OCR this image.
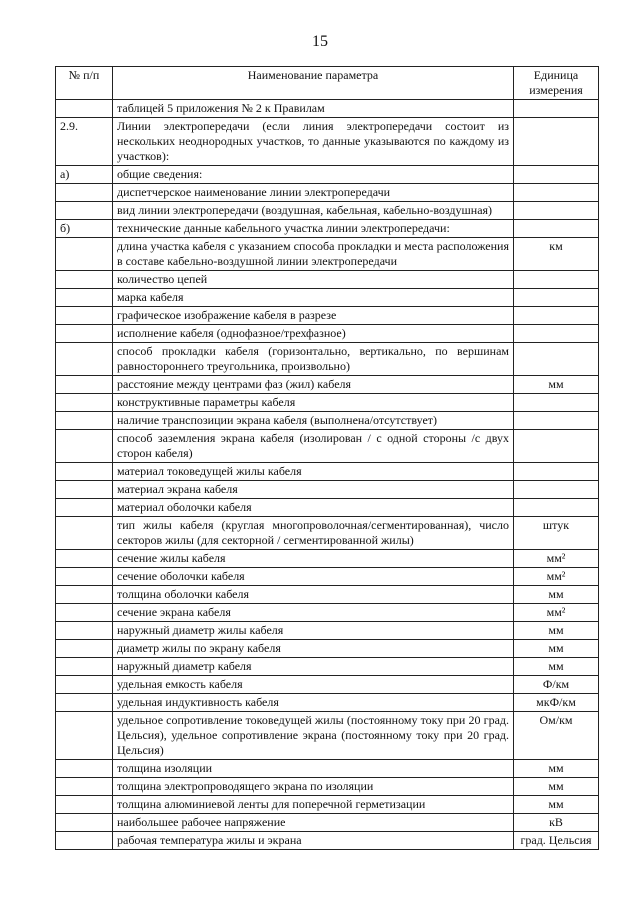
15
№ п/п	Наименование параметра	Единица измерения
	таблицей 5 приложения № 2 к Правилам	
2.9.	Линии электропередачи (если линия электропередачи состоит из нескольких неоднородных участков, то данные указываются по каждому из участков):	
а)	общие сведения:	
	диспетчерское наименование линии электропередачи	
	вид линии электропередачи (воздушная, кабельная, кабельно-воздушная)	
б)	технические данные кабельного участка линии электропередачи:	
	длина участка кабеля с указанием способа прокладки и места расположения в составе кабельно-воздушной линии электропередачи	км
	количество цепей	
	марка кабеля	
	графическое изображение кабеля в разрезе	
	исполнение кабеля (однофазное/трехфазное)	
	способ прокладки кабеля (горизонтально, вертикально, по вершинам равностороннего треугольника, произвольно)	
	расстояние между центрами фаз (жил) кабеля	мм
	конструктивные параметры кабеля	
	наличие транспозиции экрана кабеля (выполнена/отсутствует)	
	способ заземления экрана кабеля (изолирован / с одной стороны /с двух сторон кабеля)	
	материал токоведущей жилы кабеля	
	материал экрана кабеля	
	материал оболочки кабеля	
	тип жилы кабеля (круглая многопроволочная/сегментированная), число секторов жилы (для секторной / сегментированной жилы)	штук
	сечение жилы кабеля	мм²
	сечение оболочки кабеля	мм²
	толщина оболочки кабеля	мм
	сечение экрана кабеля	мм²
	наружный диаметр жилы кабеля	мм
	диаметр жилы по экрану кабеля	мм
	наружный диаметр кабеля	мм
	удельная емкость кабеля	Ф/км
	удельная индуктивность кабеля	мкФ/км
	удельное сопротивление токоведущей жилы (постоянному току при 20 град. Цельсия), удельное сопротивление экрана (постоянному току при 20 град. Цельсия)	Ом/км
	толщина изоляции	мм
	толщина электропроводящего экрана по изоляции	мм
	толщина алюминиевой ленты для поперечной герметизации	мм
	наибольшее рабочее напряжение	кВ
	рабочая температура жилы и экрана	град. Цельсия
